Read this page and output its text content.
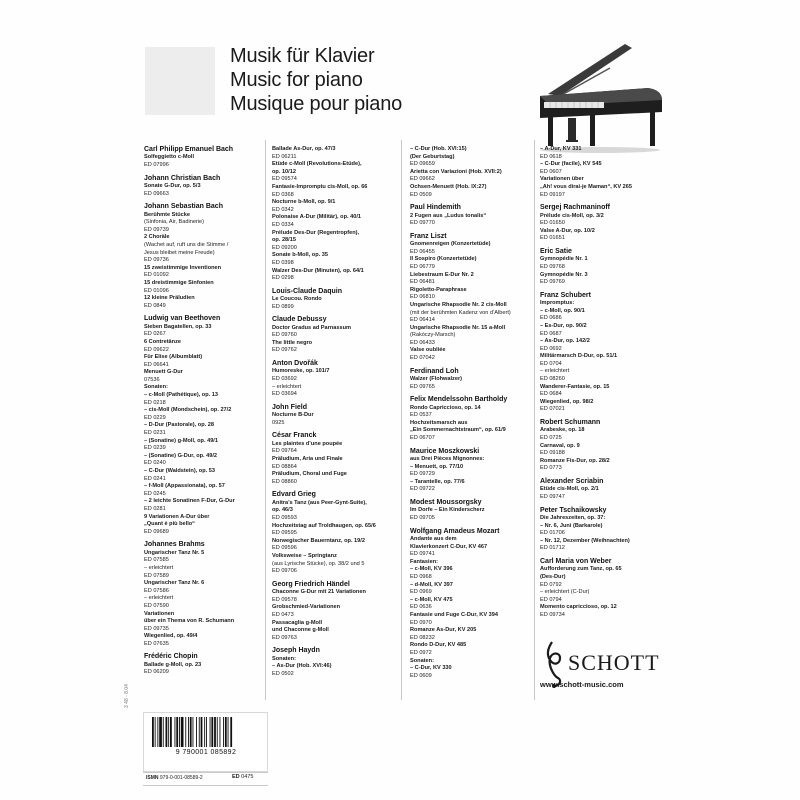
Musik für Klavier
Music for piano
Musique pour piano
Carl Philipp Emanuel Bach
Solfeggietto c-Moll
ED 07996
Johann Christian Bach
Sonate G-Dur, op. 5/3
ED 09663
Johann Sebastian Bach
Berühmte Stücke
(Sinfonia, Air, Badinerie)
ED 09739
2 Choräle
(Wachet auf, ruft uns die Stimme /
Jesus bleibet meine Freude)
ED 09736
15 zweistimmige Inventionen
ED 01092
15 dreistimmige Sinfonien
ED 01096
12 kleine Präludien
ED 0849
Ludwig van Beethoven
Sieben Bagatellen, op. 33
ED 0267
6 Contretänze
ED 09622
Für Elise (Albumblatt)
ED 06641
Menuett G-Dur
07536
Sonaten:
– c-Moll (Pathétique), op. 13
ED 0218
– cis-Moll (Mondschein), op. 27/2
ED 0229
– D-Dur (Pastorale), op. 28
ED 0231
– (Sonatine) g-Moll, op. 49/1
ED 0239
– (Sonatine) G-Dur, op. 49/2
ED 0240
– C-Dur (Waldstein), op. 53
ED 0241
– f-Moll (Appassionata), op. 57
ED 0245
– 2 leichte Sonatinen F-Dur, G-Dur
ED 0281
9 Variationen A-Dur über
„Quant è più bello“
ED 09689
Johannes Brahms
Ungarischer Tanz Nr. 5
ED 07585
– erleichtert
ED 07589
Ungarischer Tanz Nr. 6
ED 07586
– erleichtert
ED 07590
Variationen
über ein Thema von R. Schumann
ED 09735
Wiegenlied, op. 49/4
ED 07635
Frédéric Chopin
Ballade g-Moll, op. 23
ED 06209
Ballade As-Dur, op. 47/3
ED 06211
Etüde c-Moll (Revolutions-Etüde),
op. 10/12
ED 09574
Fantasie-Impromptu cis-Moll, op. 66
ED 0368
Nocturne b-Moll, op. 9/1
ED 0342
Polonaise A-Dur (Militär), op. 40/1
ED 0334
Prélude Des-Dur (Regentropfen),
op. 28/15
ED 09200
Sonate b-Moll, op. 35
ED 0398
Walzer Des-Dur (Minuten), op. 64/1
ED 0298
Louis-Claude Daquin
Le Coucou. Rondo
ED 0899
Claude Debussy
Doctor Gradus ad Parnassum
ED 09760
The little negro
ED 09762
Anton Dvořák
Humoreske, op. 101/7
ED 03692
– erleichtert
ED 03694
John Field
Nocturne B-Dur
0925
César Franck
Les plaintes d’une poupée
ED 09764
Präludium, Aria und Finale
ED 08864
Präludium, Choral und Fuge
ED 08860
Edvard Grieg
Anitra’s Tanz (aus Peer-Gynt-Suite),
op. 46/3
ED 09593
Hochzeitstag auf Troldhaugen, op. 65/6
ED 09595
Norwegischer Bauerntanz, op. 19/2
ED 09596
Volksweise – Springtanz
(aus Lyrische Stücke), op. 38/2 und 5
ED 09706
Georg Friedrich Händel
Chaconne G-Dur mit 21 Variationen
ED 09578
Grobschmied-Variationen
ED 0473
Passacaglia g-Moll
und Chaconne g-Moll
ED 09763
Joseph Haydn
Sonaten:
– As-Dur (Hob. XVI:46)
ED 0502
– C-Dur (Hob. XVI:15)
(Der Geburtstag)
ED 09659
Arietta con Variazioni (Hob. XVII:2)
ED 09662
Ochsen-Menuett (Hob. IX:27)
ED 0509
Paul Hindemith
2 Fugen aus „Ludus tonalis“
ED 09770
Franz Liszt
Gnomenreigen (Konzertetüde)
ED 06455
Il Sospiro (Konzertetüde)
ED 06779
Liebestraum E-Dur Nr. 2
ED 06481
Rigoletto-Paraphrase
ED 06810
Ungarische Rhapsodie Nr. 2 cis-Moll
(mit der berühmten Kadenz von d’Albert)
ED 06414
Ungarische Rhapsodie Nr. 15 a-Moll
(Rakóczy-Marsch)
ED 06433
Valse oubliée
ED 07042
Ferdinand Loh
Walzer (Flohwalzer)
ED 09765
Felix Mendelssohn Bartholdy
Rondo Capriccioso, op. 14
ED 0537
Hochzeitsmarsch aus
„Ein Sommernachtstraum“, op. 61/9
ED 06707
Maurice Moszkowski
aus Drei Pièces Mignonnes:
– Menuett, op. 77/10
ED 09729
– Tarantelle, op. 77/6
ED 09722
Modest Moussorgsky
Im Dorfe – Ein Kinderscherz
ED 09705
Wolfgang Amadeus Mozart
Andante aus dem
Klavierkonzert C-Dur, KV 467
ED 09741
Fantasien:
– c-Moll, KV 396
ED 0968
– d-Moll, KV 397
ED 0969
– c-Moll, KV 475
ED 0636
Fantasie und Fuge C-Dur, KV 394
ED 0970
Romanze As-Dur, KV 205
ED 08232
Rondo D-Dur, KV 485
ED 0972
Sonaten:
– C-Dur, KV 330
ED 0609
– A-Dur, KV 331
ED 0618
– C-Dur (facile), KV 545
ED 0607
Variationen über
„Ah! vous dirai-je Maman“, KV 265
ED 09197
Sergej Rachmaninoff
Prélude cis-Moll, op. 3/2
ED 01650
Valse A-Dur, op. 10/2
ED 01651
Eric Satie
Gymnopédie Nr. 1
ED 09768
Gymnopédie Nr. 3
ED 09769
Franz Schubert
Impromptus:
– c-Moll, op. 90/1
ED 0686
– Es-Dur, op. 90/2
ED 0687
– As-Dur, op. 142/2
ED 0692
Militärmarsch D-Dur, op. 51/1
ED 0704
– erleichtert
ED 08260
Wanderer-Fantasie, op. 15
ED 0684
Wiegenlied, op. 98/2
ED 07021
Robert Schumann
Arabeske, op. 18
ED 0725
Carnaval, op. 9
ED 09188
Romanze Fis-Dur, op. 28/2
ED 0773
Alexander Scriabin
Etüde cis-Moll, op. 2/1
ED 09747
Peter Tschaikowsky
Die Jahreszeiten, op. 37:
– Nr. 6, Juni (Barkarole)
ED 01706
– Nr. 12, Dezember (Weihnachten)
ED 01712
Carl Maria von Weber
Aufforderung zum Tanz, op. 65
(Des-Dur)
ED 0792
– erleichtert (C-Dur)
ED 0794
Momento capriccioso, op. 12
ED 09734
3 48 - 8.04
SCHOTT
www.schott-music.com
9 790001 085892
ISMN 979-0-001-08589-2	ED 0475
